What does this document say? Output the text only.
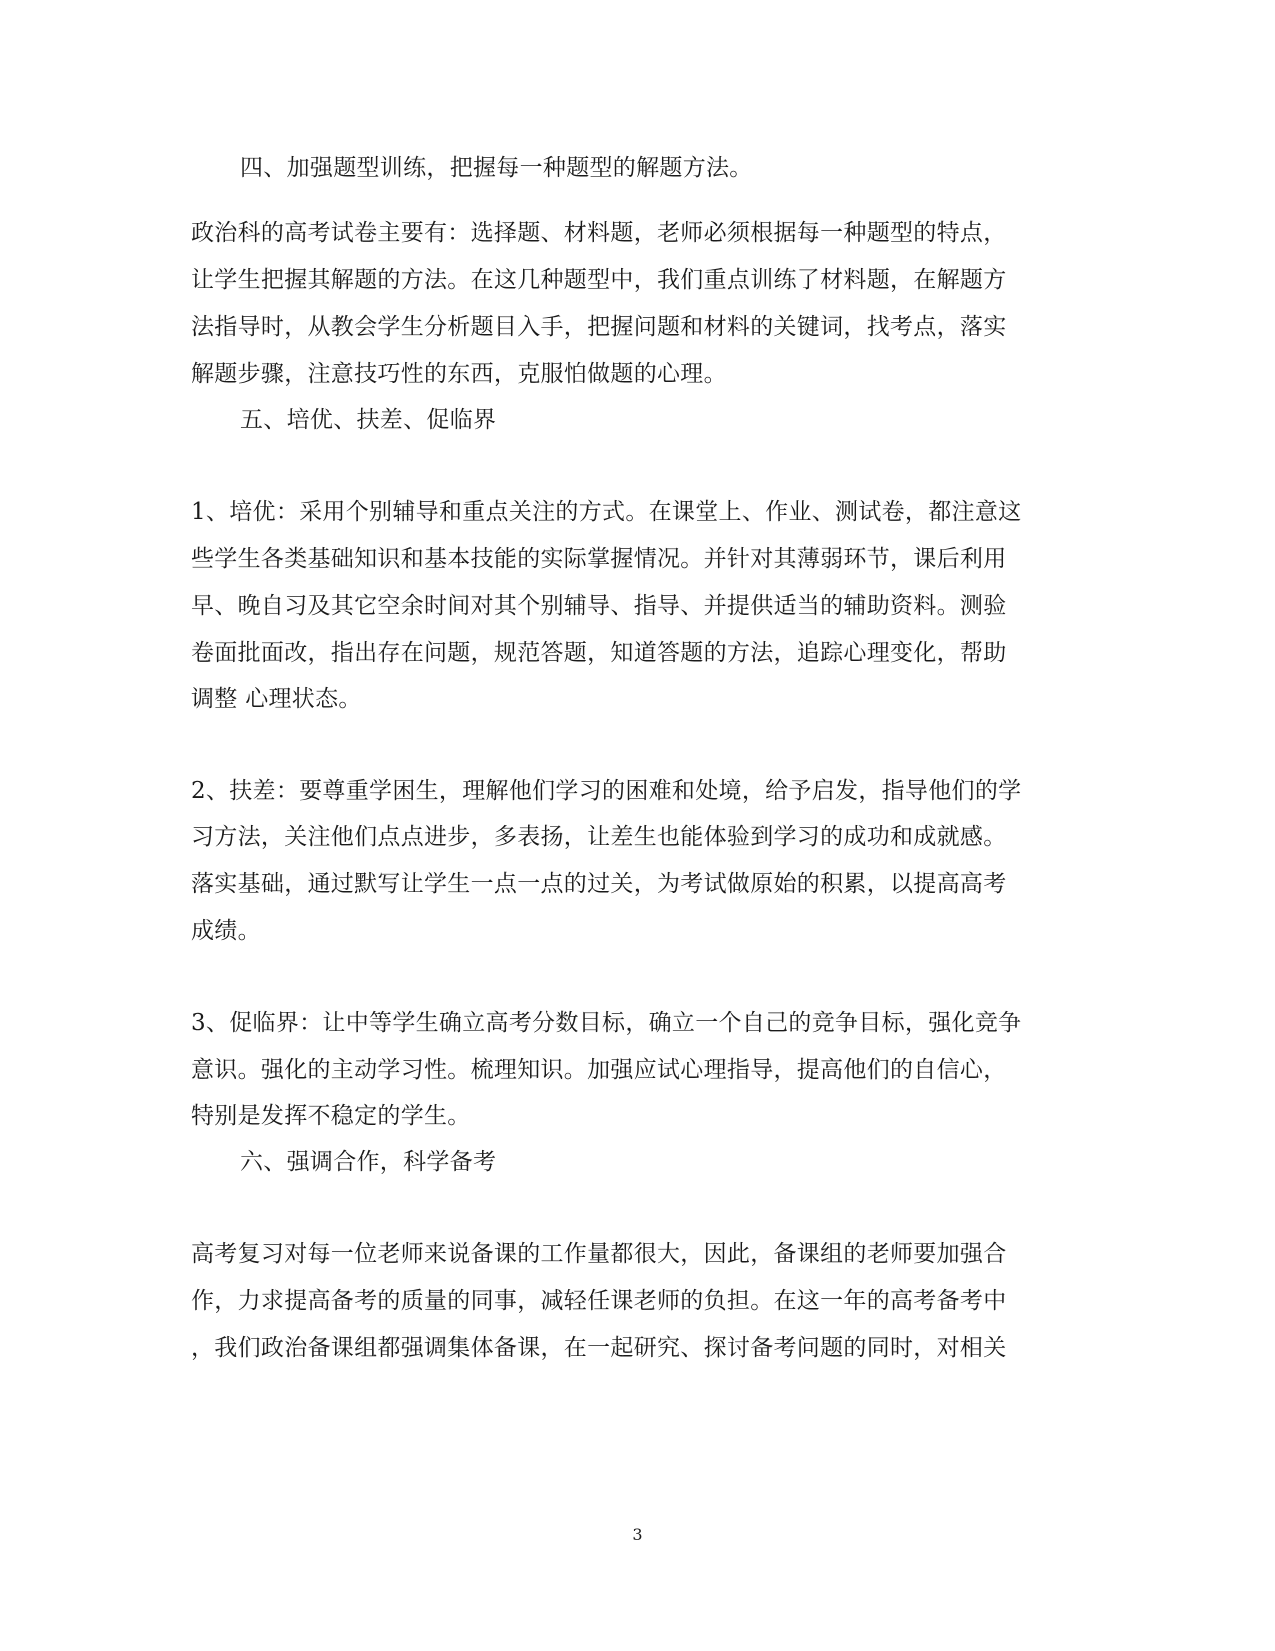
四、加强题型训练，把握每一种题型的解题方法。
政治科的高考试卷主要有：选择题、材料题，老师必须根据每一种题型的特点，
让学生把握其解题的方法。在这几种题型中，我们重点训练了材料题，在解题方
法指导时，从教会学生分析题目入手，把握问题和材料的关键词，找考点，落实
解题步骤，注意技巧性的东西，克服怕做题的心理。
五、培优、扶差、促临界
1、培优：采用个别辅导和重点关注的方式。在课堂上、作业、测试卷，都注意这
些学生各类基础知识和基本技能的实际掌握情况。并针对其薄弱环节，课后利用
早、晚自习及其它空余时间对其个别辅导、指导、并提供适当的辅助资料。测验
卷面批面改，指出存在问题，规范答题，知道答题的方法，追踪心理变化，帮助
调整 心理状态。
2、扶差：要尊重学困生，理解他们学习的困难和处境，给予启发，指导他们的学
习方法，关注他们点点进步，多表扬，让差生也能体验到学习的成功和成就感。
落实基础，通过默写让学生一点一点的过关，为考试做原始的积累，以提高高考
成绩。
3、促临界：让中等学生确立高考分数目标，确立一个自己的竞争目标，强化竞争
意识。强化的主动学习性。梳理知识。加强应试心理指导，提高他们的自信心，
特别是发挥不稳定的学生。
六、强调合作，科学备考
高考复习对每一位老师来说备课的工作量都很大，因此，备课组的老师要加强合
作，力求提高备考的质量的同事，减轻任课老师的负担。在这一年的高考备考中
，我们政治备课组都强调集体备课，在一起研究、探讨备考问题的同时，对相关
3
